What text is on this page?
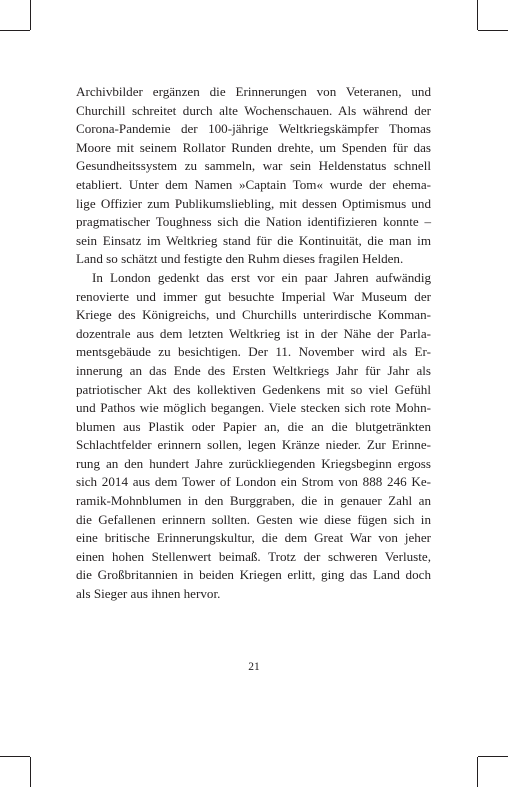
Archivbilder ergänzen die Erinnerungen von Veteranen, und
Churchill schreitet durch alte Wochenschauen. Als während der
Corona-Pandemie der 100-jährige Weltkriegskämpfer Thomas
Moore mit seinem Rollator Runden drehte, um Spenden für das
Gesundheitssystem zu sammeln, war sein Heldenstatus schnell
etabliert. Unter dem Namen »Captain Tom« wurde der ehema-
lige Offizier zum Publikumsliebling, mit dessen Optimismus und
pragmatischer Toughness sich die Nation identifizieren konnte –
sein Einsatz im Weltkrieg stand für die Kontinuität, die man im
Land so schätzt und festigte den Ruhm dieses fragilen Helden.
In London gedenkt das erst vor ein paar Jahren aufwändig
renovierte und immer gut besuchte Imperial War Museum der
Kriege des Königreichs, und Churchills unterirdische Komman-
dozentrale aus dem letzten Weltkrieg ist in der Nähe der Parla-
mentsgebäude zu besichtigen. Der 11. November wird als Er-
innerung an das Ende des Ersten Weltkriegs Jahr für Jahr als
patriotischer Akt des kollektiven Gedenkens mit so viel Gefühl
und Pathos wie möglich begangen. Viele stecken sich rote Mohn-
blumen aus Plastik oder Papier an, die an die blutgetränkten
Schlachtfelder erinnern sollen, legen Kränze nieder. Zur Erinne-
rung an den hundert Jahre zurückliegenden Kriegsbeginn ergoss
sich 2014 aus dem Tower of London ein Strom von 888 246 Ke-
ramik-Mohnblumen in den Burggraben, die in genauer Zahl an
die Gefallenen erinnern sollten. Gesten wie diese fügen sich in
eine britische Erinnerungskultur, die dem Great War von jeher
einen hohen Stellenwert beimaß. Trotz der schweren Verluste,
die Großbritannien in beiden Kriegen erlitt, ging das Land doch
als Sieger aus ihnen hervor.
21
